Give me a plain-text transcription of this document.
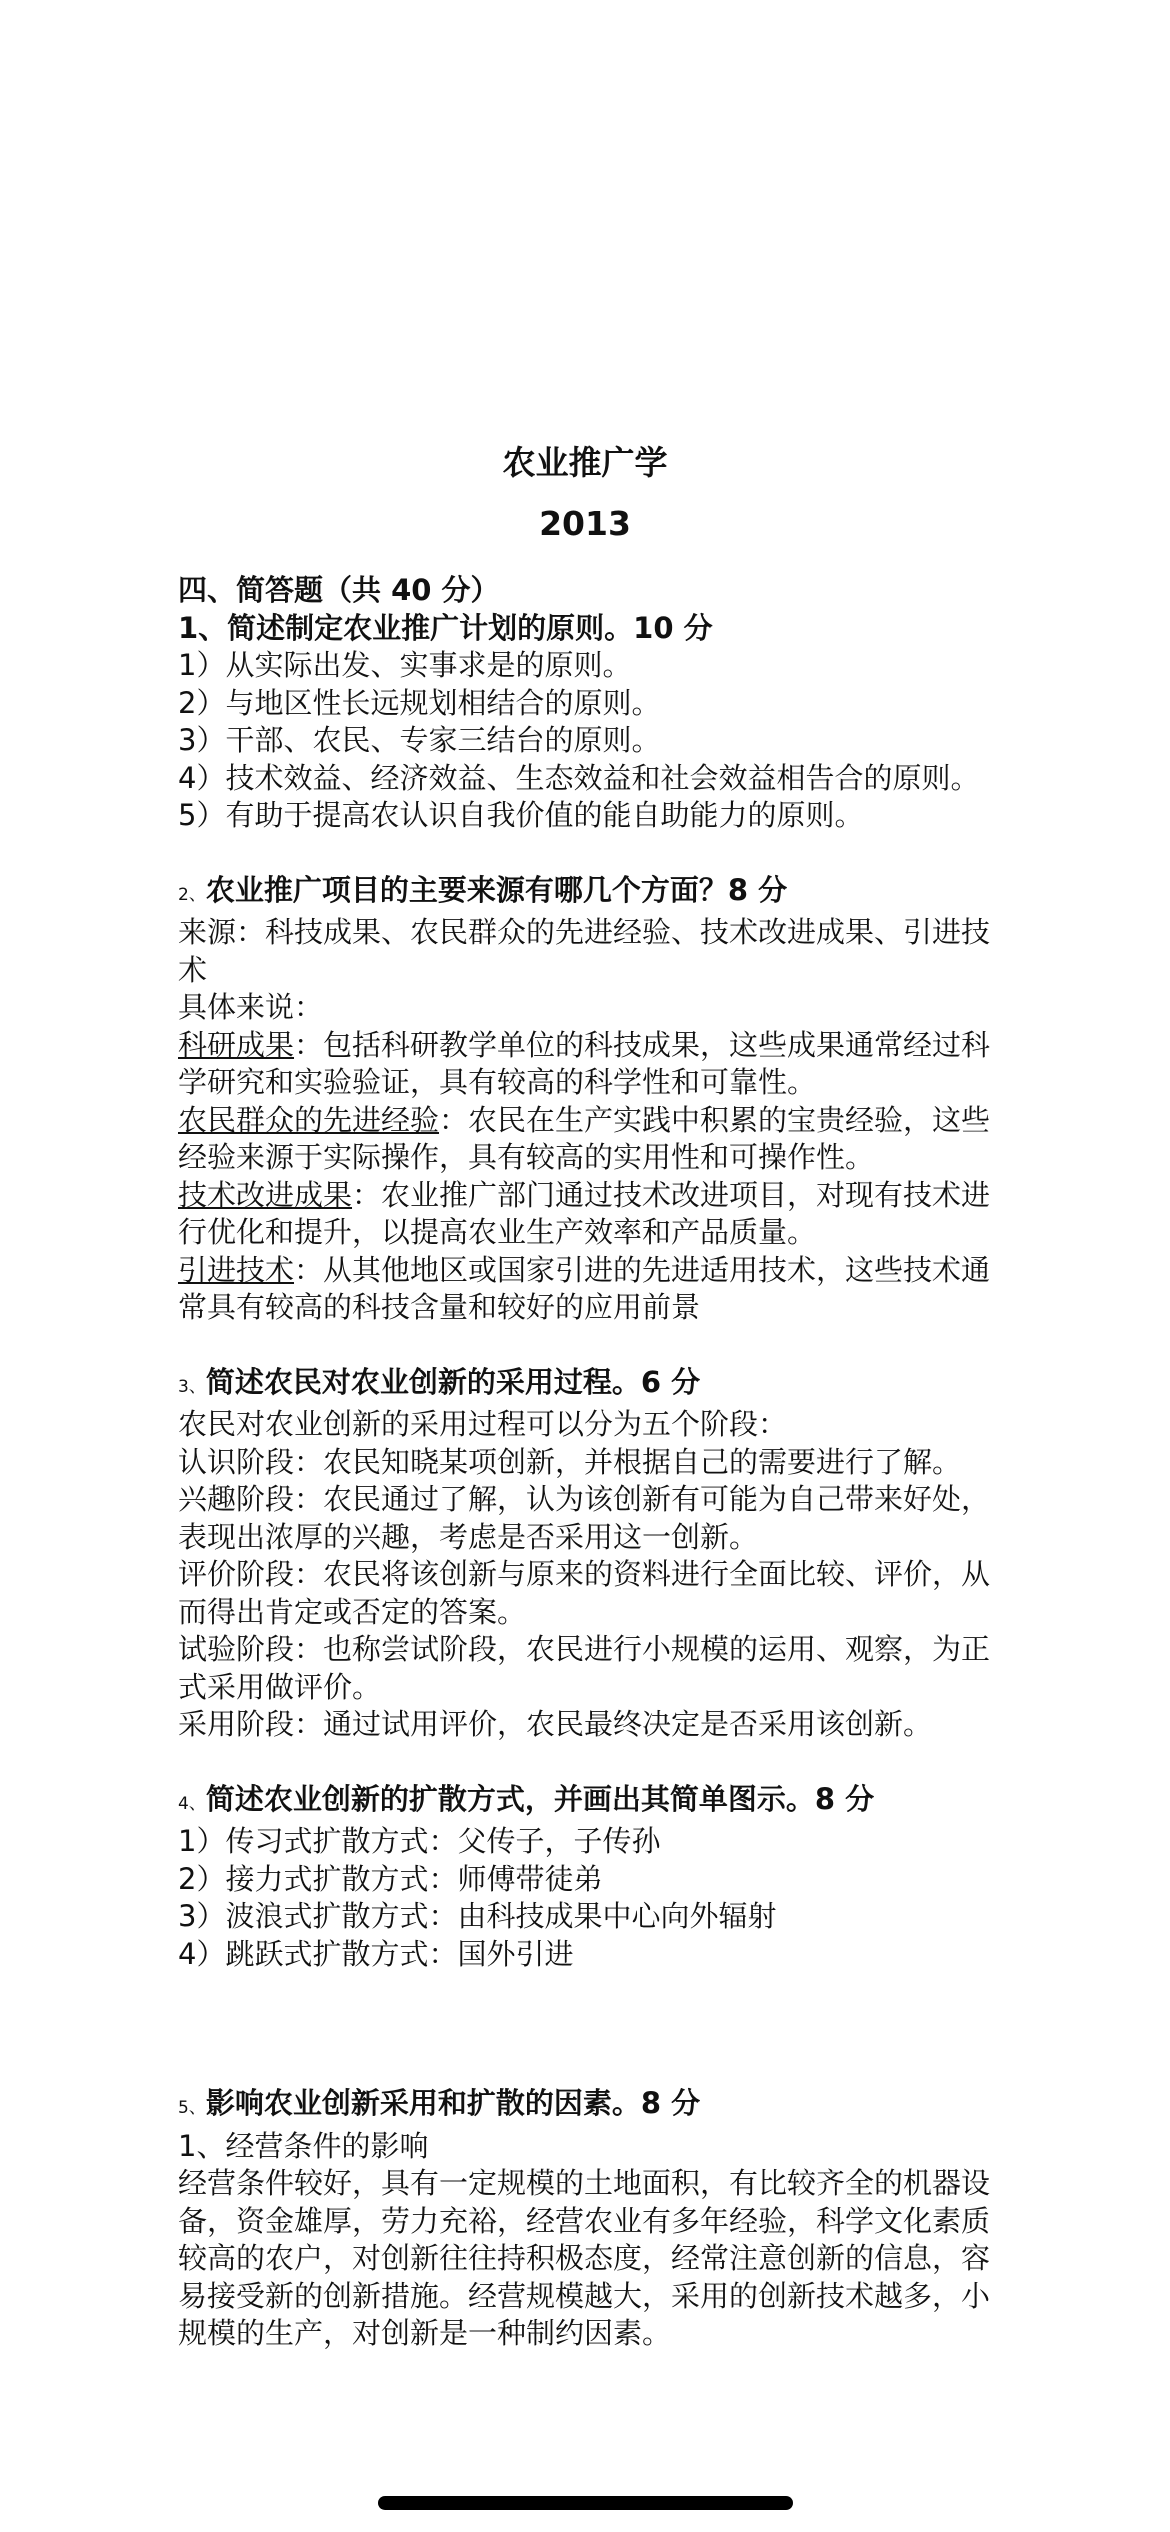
农业推广学
2013
四、简答题（共 40 分）
1、简述制定农业推广计划的原则。10 分
1）从实际出发、实事求是的原则。
2）与地区性长远规划相结合的原则。
3）干部、农民、专家三结台的原则。
4）技术效益、经济效益、生态效益和社会效益相告合的原则。
5）有助于提高农认识自我价值的能自助能力的原则。
2、农业推广项目的主要来源有哪几个方面？8 分
来源：科技成果、农民群众的先进经验、技术改进成果、引进技术
具体来说：
科研成果：包括科研教学单位的科技成果，这些成果通常经过科学研究和实验验证，具有较高的科学性和可靠性。
农民群众的先进经验：农民在生产实践中积累的宝贵经验，这些经验来源于实际操作，具有较高的实用性和可操作性。
技术改进成果：农业推广部门通过技术改进项目，对现有技术进行优化和提升，以提高农业生产效率和产品质量。
引进技术：从其他地区或国家引进的先进适用技术，这些技术通常具有较高的科技含量和较好的应用前景
3、简述农民对农业创新的采用过程。6 分
农民对农业创新的采用过程可以分为五个阶段：
认识阶段：农民知晓某项创新，并根据自己的需要进行了解。
兴趣阶段：农民通过了解，认为该创新有可能为自己带来好处，表现出浓厚的兴趣，考虑是否采用这一创新。
评价阶段：农民将该创新与原来的资料进行全面比较、评价，从而得出肯定或否定的答案。
试验阶段：也称尝试阶段，农民进行小规模的运用、观察，为正式采用做评价。
采用阶段：通过试用评价，农民最终决定是否采用该创新。
4、简述农业创新的扩散方式，并画出其简单图示。8 分
1）传习式扩散方式：父传子，子传孙
2）接力式扩散方式：师傅带徒弟
3）波浪式扩散方式：由科技成果中心向外辐射
4）跳跃式扩散方式：国外引进
5、影响农业创新采用和扩散的因素。8 分
1、经营条件的影响
经营条件较好，具有一定规模的土地面积，有比较齐全的机器设备，资金雄厚，劳力充裕，经营农业有多年经验，科学文化素质较高的农户，对创新往往持积极态度，经常注意创新的信息，容易接受新的创新措施。经营规模越大，采用的创新技术越多，小规模的生产，对创新是一种制约因素。
